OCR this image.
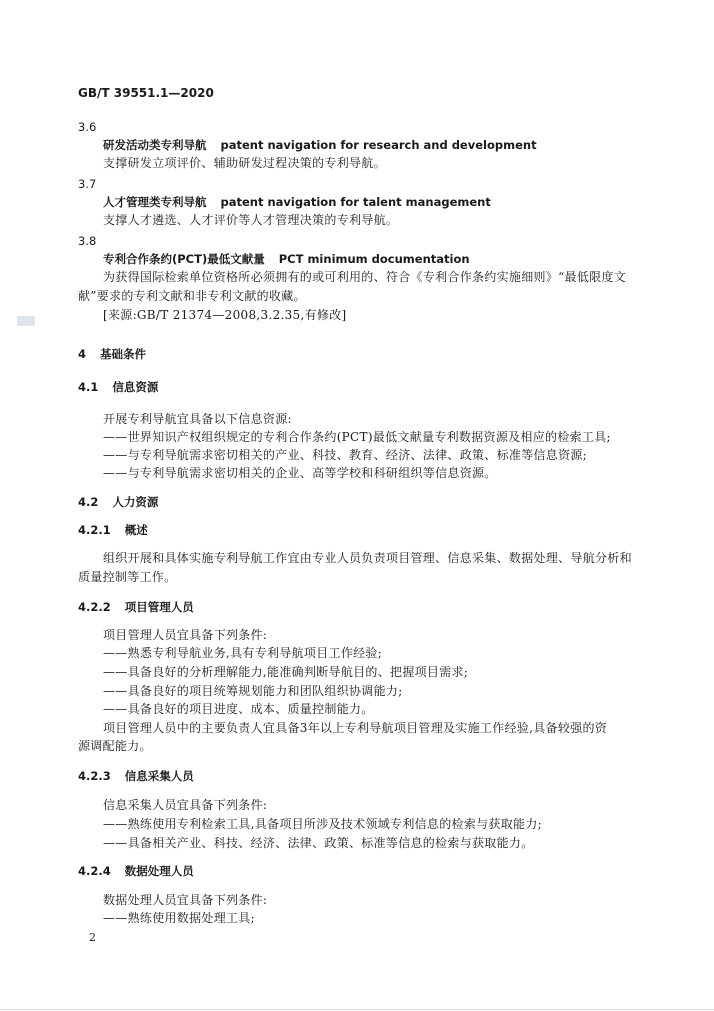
GB/T 39551.1—2020
3.6
研发活动类专利导航 patent navigation for research and development
支撑研发立项评价、辅助研发过程决策的专利导航。
3.7
人才管理类专利导航 patent navigation for talent management
支撑人才遴选、人才评价等人才管理决策的专利导航。
3.8
专利合作条约(PCT)最低文献量 PCT minimum documentation
为获得国际检索单位资格所必须拥有的或可利用的、符合《专利合作条约实施细则》“最低限度文
献”要求的专利文献和非专利文献的收藏。
[来源:GB/T 21374—2008,3.2.35,有修改]
4 基础条件
4.1 信息资源
开展专利导航宜具备以下信息资源:
——世界知识产权组织规定的专利合作条约(PCT)最低文献量专利数据资源及相应的检索工具;
——与专利导航需求密切相关的产业、科技、教育、经济、法律、政策、标准等信息资源;
——与专利导航需求密切相关的企业、高等学校和科研组织等信息资源。
4.2 人力资源
4.2.1 概述
组织开展和具体实施专利导航工作宜由专业人员负责项目管理、信息采集、数据处理、导航分析和
质量控制等工作。
4.2.2 项目管理人员
项目管理人员宜具备下列条件:
——熟悉专利导航业务,具有专利导航项目工作经验;
——具备良好的分析理解能力,能准确判断导航目的、把握项目需求;
——具备良好的项目统筹规划能力和团队组织协调能力;
——具备良好的项目进度、成本、质量控制能力。
项目管理人员中的主要负责人宜具备3年以上专利导航项目管理及实施工作经验,具备较强的资
源调配能力。
4.2.3 信息采集人员
信息采集人员宜具备下列条件:
——熟练使用专利检索工具,具备项目所涉及技术领域专利信息的检索与获取能力;
——具备相关产业、科技、经济、法律、政策、标准等信息的检索与获取能力。
4.2.4 数据处理人员
数据处理人员宜具备下列条件:
——熟练使用数据处理工具;
2
